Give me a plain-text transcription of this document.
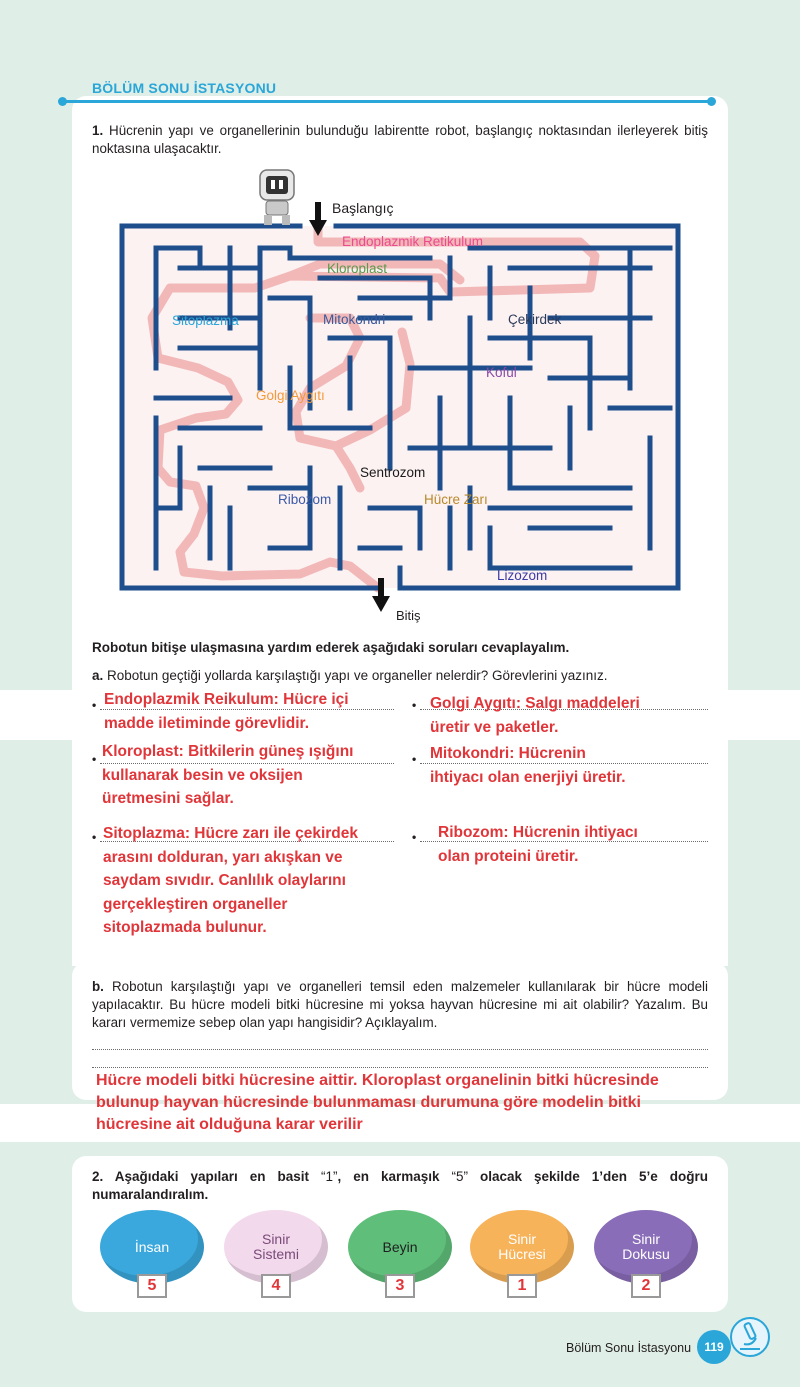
BÖLÜM SONU İSTASYONU
1. Hücrenin yapı ve organellerinin bulunduğu labirentte robot, başlangıç noktasından ilerleyerek bitiş noktasına ulaşacaktır.
Başlangıç
Bitiş
Endoplazmik Retikulum
Kloroplast
Sitoplazma	Mitokondri	Çekirdek
Koful
Golgi Aygıtı
Sentrozom
Ribozom	Hücre Zarı
Lizozom
Robotun bitişe ulaşmasına yardım ederek aşağıdaki soruları cevaplayalım.
a. Robotun geçtiği yollarda karşılaştığı yapı ve organeller nelerdir? Görevlerini yazınız.
•	•
•	•
•	•
Endoplazmik Reikulum: Hücre içi
madde iletiminde görevlidir.
Golgi Aygıtı: Salgı maddeleri
üretir ve paketler.
Kloroplast: Bitkilerin güneş ışığını
kullanarak besin ve oksijen
üretmesini sağlar.
Mitokondri: Hücrenin
ihtiyacı olan enerjiyi üretir.
Sitoplazma: Hücre zarı ile çekirdek
arasını dolduran, yarı akışkan ve
saydam sıvıdır. Canlılık olaylarını
gerçekleştiren organeller
sitoplazmada bulunur.
Ribozom: Hücrenin ihtiyacı
olan proteini üretir.
b. Robotun karşılaştığı yapı ve organelleri temsil eden malzemeler kullanılarak bir hücre modeli yapılacaktır. Bu hücre modeli bitki hücresine mi yoksa hayvan hücresine mi ait olabilir? Yazalım. Bu kararı vermemize sebep olan yapı hangisidir? Açıklayalım.
Hücre modeli bitki hücresine aittir. Kloroplast organelinin bitki hücresinde
bulunup hayvan hücresinde bulunmaması durumuna göre modelin bitki
hücresine ait olduğuna karar verilir
2. Aşağıdaki yapıları en basit “1”, en karmaşık “5” olacak şekilde 1’den 5’e doğru numaralandıralım.
İnsan
5
Sinir
Sistemi
4
Beyin
3
Sinir
Hücresi
1
Sinir
Dokusu
2
Bölüm Sonu İstasyonu	119
